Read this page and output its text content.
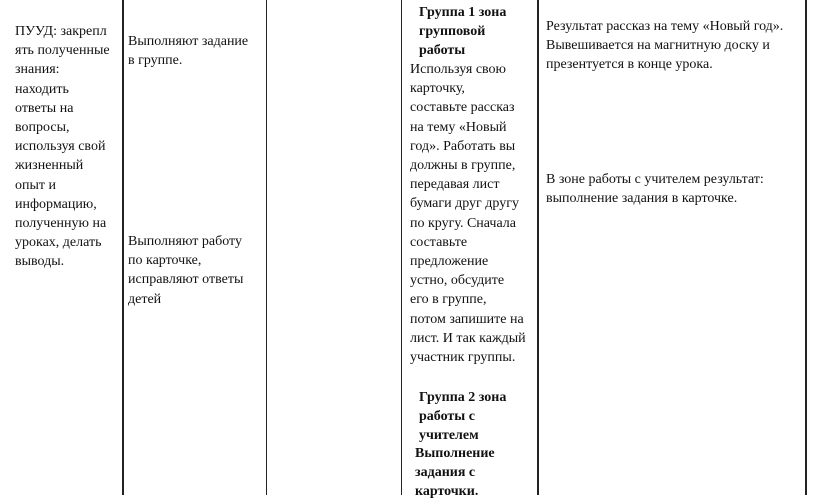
ПУУД: закрепл
ять полученные
знания:
находить
ответы на
вопросы,
используя свой
жизненный
опыт и
информацию,
полученную на
уроках, делать
выводы.
Выполняют задание
в группе.
Выполняют работу
по карточке,
исправляют ответы
детей
Группа 1 зона
групповой
работы
Используя свою
карточку,
составьте рассказ
на тему «Новый
год». Работать вы
должны в группе,
передавая лист
бумаги друг другу
по кругу. Сначала
составьте
предложение
устно, обсудите
его в группе,
потом запишите на
лист. И так каждый
участник группы.
Группа 2 зона
работы с
учителем
Выполнение
задания с
карточки.
Результат рассказ на тему «Новый год».
Вывешивается на магнитную доску и
презентуется в конце урока.
В зоне работы с учителем результат:
выполнение задания в карточке.
